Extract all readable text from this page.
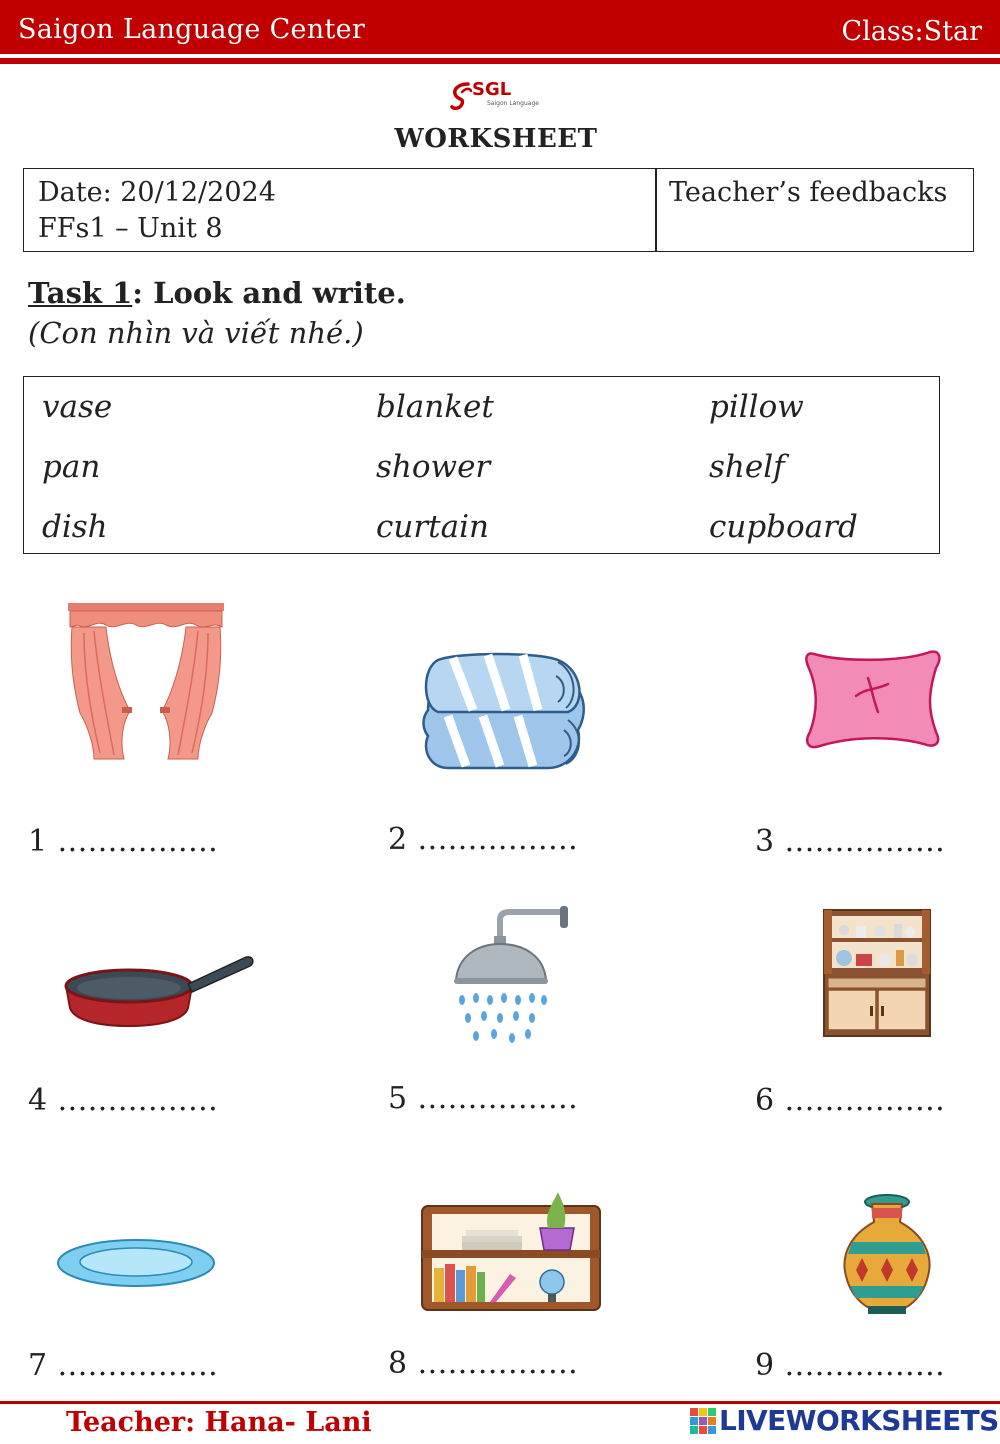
Saigon Language Center	Class:Star
SGL
Saigon Language
WORKSHEET
Date: 20/12/2024
FFs1 – Unit 8
Teacher’s feedbacks
Task 1: Look and write.
(Con nhìn và viết nhé.)
vase	blanket	pillow
pan	shower	shelf
dish	curtain	cupboard
1 ................	2 ................	3 ................
4 ................	5 ................	6 ................
7 ................	8 ................	9 ................
Teacher: Hana- Lani	LIVEWORKSHEETS
